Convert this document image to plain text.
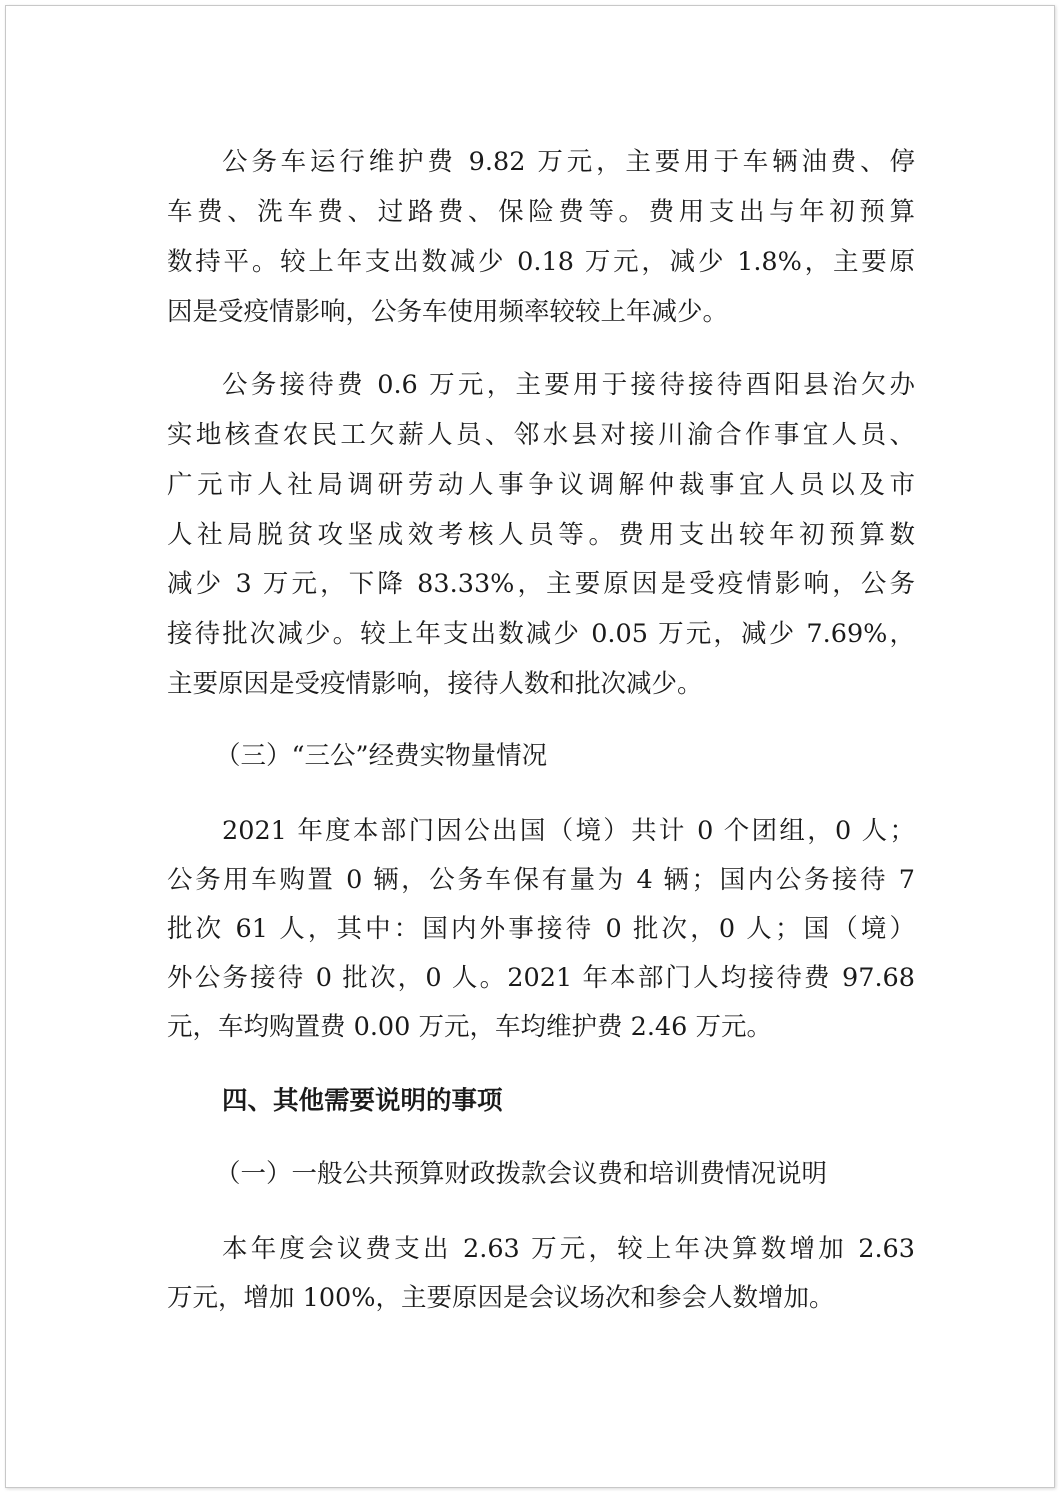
公务车运行维护费 9.82 万元，主要用于车辆油费、停

车费、洗车费、过路费、保险费等。费用支出与年初预算

数持平。较上年支出数减少 0.18 万元，减少 1.8%，主要原

因是受疫情影响，公务车使用频率较较上年减少。

公务接待费 0.6 万元，主要用于接待接待酉阳县治欠办

实地核查农民工欠薪人员、邻水县对接川渝合作事宜人员、

广元市人社局调研劳动人事争议调解仲裁事宜人员以及市

人社局脱贫攻坚成效考核人员等。费用支出较年初预算数

减少 3 万元，下降 83.33%，主要原因是受疫情影响，公务

接待批次减少。较上年支出数减少 0.05 万元，减少 7.69%，

主要原因是受疫情影响，接待人数和批次减少。

（三）“三公”经费实物量情况

2021 年度本部门因公出国（境）共计 0 个团组，0 人；

公务用车购置 0 辆，公务车保有量为 4 辆；国内公务接待 7

批次 61 人，其中：国内外事接待 0 批次，0 人；国（境）

外公务接待 0 批次，0 人。2021 年本部门人均接待费 97.68

元，车均购置费 0.00 万元，车均维护费 2.46 万元。

四、其他需要说明的事项

（一）一般公共预算财政拨款会议费和培训费情况说明

本年度会议费支出 2.63 万元，较上年决算数增加 2.63

万元，增加 100%，主要原因是会议场次和参会人数增加。
